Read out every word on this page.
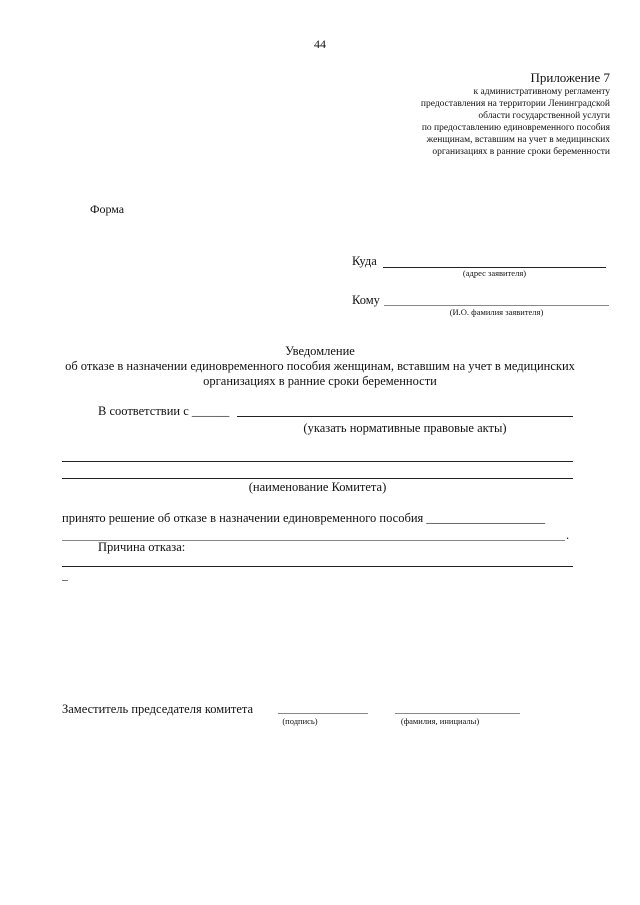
44
Приложение 7
к административному регламенту
предоставления на территории Ленинградской
области государственной услуги
по предоставлению единовременного пособия
женщинам, вставшим на учет в медицинских
организациях в ранние сроки беременности
Форма
Куда
(адрес заявителя)
Кому
(И.О. фамилия заявителя)
Уведомление
об отказе в назначении единовременного пособия женщинам, вставшим на учет в медицинских
организациях в ранние сроки беременности
В соответствии с ______
(указать нормативные правовые акты)
(наименование Комитета)
принято решение об отказе в назначении единовременного пособия ___________________
.
Причина отказа:
–
Заместитель председателя комитета
(подпись)	(фамилия, инициалы)
